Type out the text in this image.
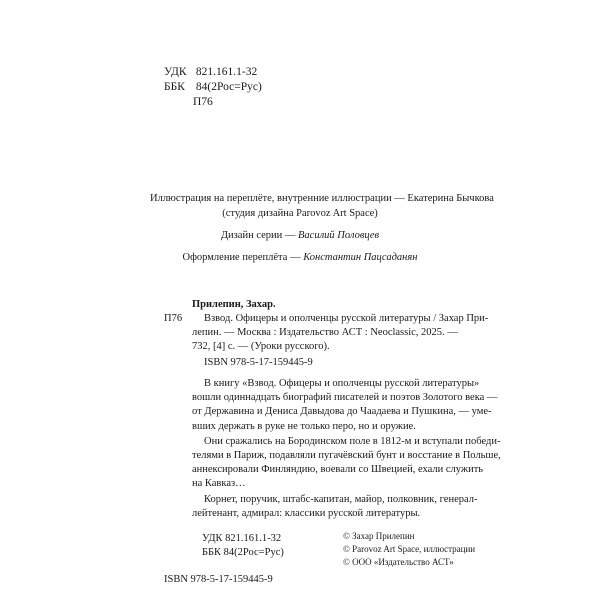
УДК 821.161.1-32
ББК 84(2Рос=Рус)
П76
Иллюстрация на переплёте, внутренние иллюстрации — Екатерина Бычкова
(студия дизайна Parovoz Art Space)
Дизайн серии — Василий Половцев
Оформление переплёта — Константин Пацсаданян
Прилепин, Захар.
П76	Взвод. Офицеры и ополченцы русской литературы / Захар При-
лепин. — Москва : Издательство АСТ : Neoclassic, 2025. —
732, [4] с. — (Уроки русского).
ISBN 978-5-17-159445-9
В книгу «Взвод. Офицеры и ополченцы русской литературы»
вошли одиннадцать биографий писателей и поэтов Золотого века —
от Державина и Дениса Давыдова до Чаадаева и Пушкина, — уме-
вших держать в руке не только перо, но и оружие.
Они сражались на Бородинском поле в 1812-м и вступали победи-
телями в Париж, подавляли пугачёвский бунт и восстание в Польше,
аннексировали Финляндию, воевали со Швецией, ехали служить
на Кавказ…
Корнет, поручик, штабс-капитан, майор, полковник, генерал-
лейтенант, адмирал: классики русской литературы.
УДК 821.161.1-32
ББК 84(2Рос=Рус)
ISBN 978-5-17-159445-9
© Захар Прилепин
© Parovoz Art Space, иллюстрации
© ООО «Издательство АСТ»
